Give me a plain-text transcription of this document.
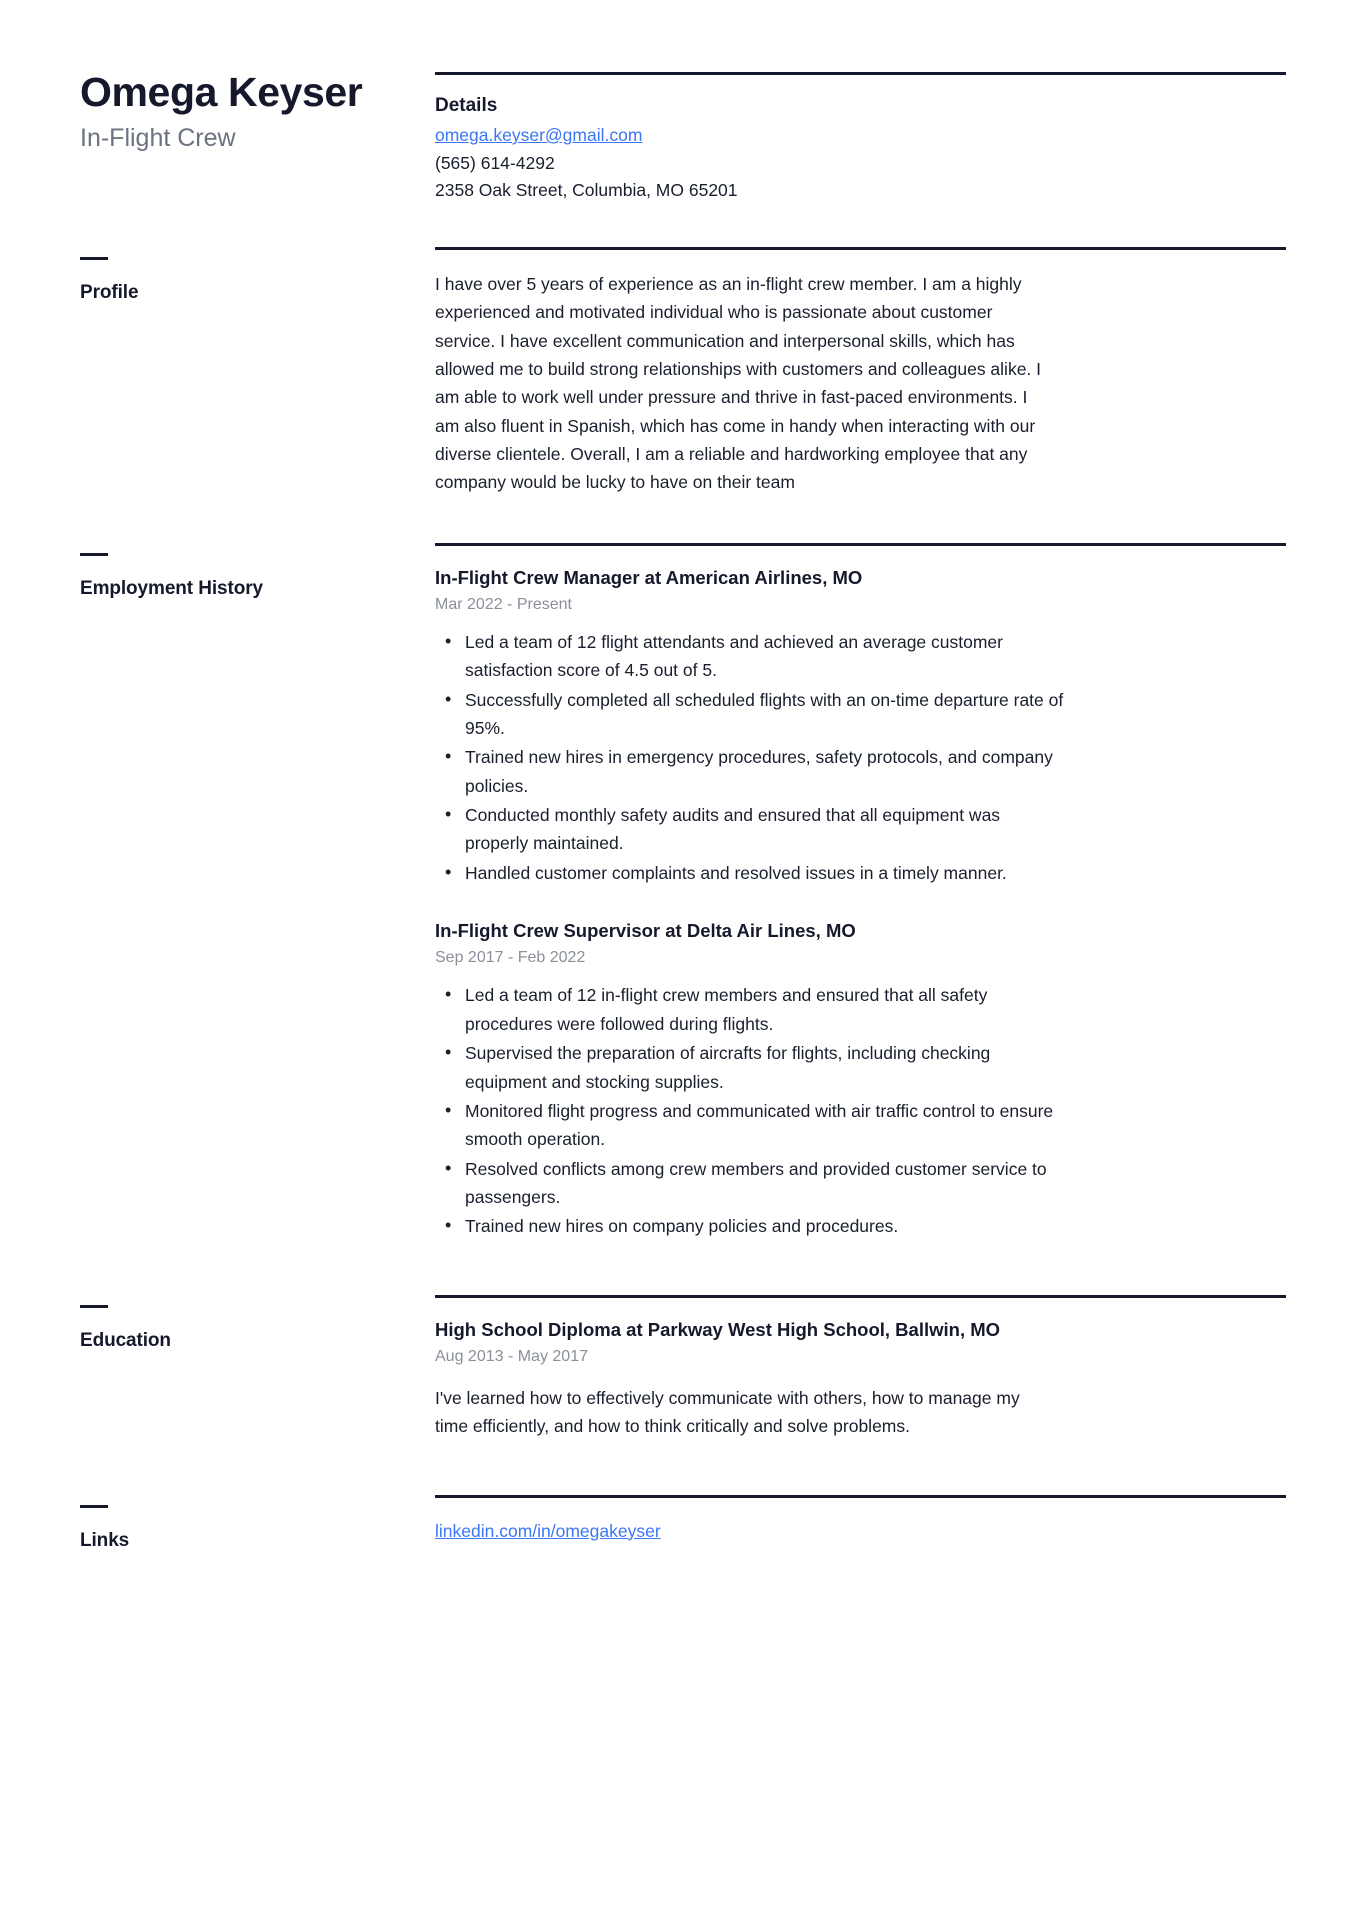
Omega Keyser
In-Flight Crew
Details
omega.keyser@gmail.com
(565) 614-4292
2358 Oak Street, Columbia, MO 65201
Profile	I have over 5 years of experience as an in-flight crew member. I am a highly experienced and motivated individual who is passionate about customer service. I have excellent communication and interpersonal skills, which has allowed me to build strong relationships with customers and colleagues alike. I am able to work well under pressure and thrive in fast-paced environments. I am also fluent in Spanish, which has come in handy when interacting with our diverse clientele. Overall, I am a reliable and hardworking employee that any company would be lucky to have on their team

Employment History
In-Flight Crew Manager at American Airlines, MO
Mar 2022 - Present
• Led a team of 12 flight attendants and achieved an average customer satisfaction score of 4.5 out of 5.
• Successfully completed all scheduled flights with an on-time departure rate of 95%.
• Trained new hires in emergency procedures, safety protocols, and company policies.
• Conducted monthly safety audits and ensured that all equipment was properly maintained.
• Handled customer complaints and resolved issues in a timely manner.
In-Flight Crew Supervisor at Delta Air Lines, MO
Sep 2017 - Feb 2022
• Led a team of 12 in-flight crew members and ensured that all safety procedures were followed during flights.
• Supervised the preparation of aircrafts for flights, including checking equipment and stocking supplies.
• Monitored flight progress and communicated with air traffic control to ensure smooth operation.
• Resolved conflicts among crew members and provided customer service to passengers.
• Trained new hires on company policies and procedures.
Education
High School Diploma at Parkway West High School, Ballwin, MO
Aug 2013 - May 2017

I've learned how to effectively communicate with others, how to manage my time efficiently, and how to think critically and solve problems.

Links	linkedin.com/in/omegakeyser
